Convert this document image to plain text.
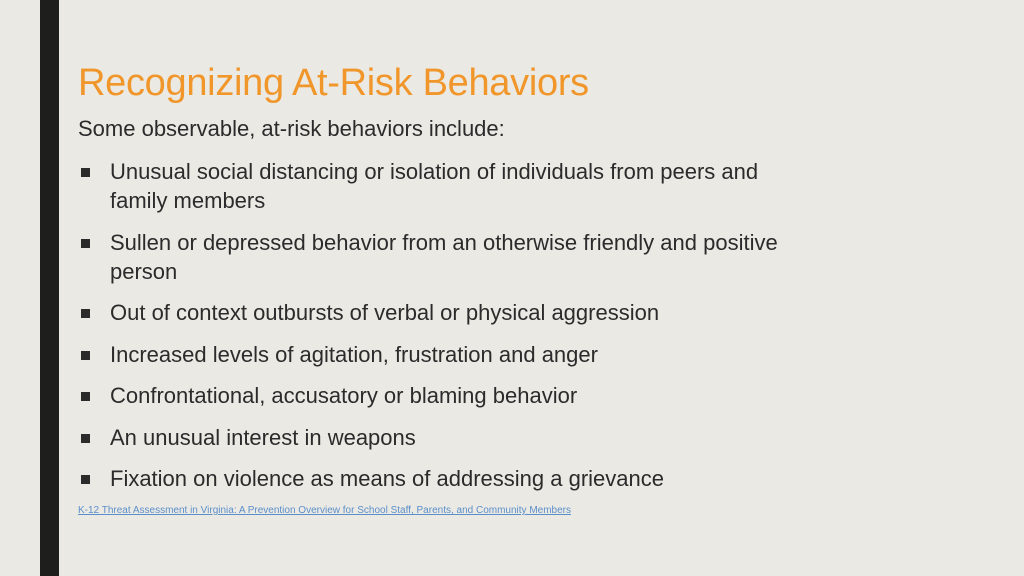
Recognizing At-Risk Behaviors

Some observable, at-risk behaviors include:

Unusual social distancing or isolation of individuals from peers and family members
Sullen or depressed behavior from an otherwise friendly and positive person
Out of context outbursts of verbal or physical aggression
Increased levels of agitation, frustration and anger
Confrontational, accusatory or blaming behavior
An unusual interest in weapons
Fixation on violence as means of addressing a grievance
K-12 Threat Assessment in Virginia: A Prevention Overview for School Staff, Parents, and Community Members
